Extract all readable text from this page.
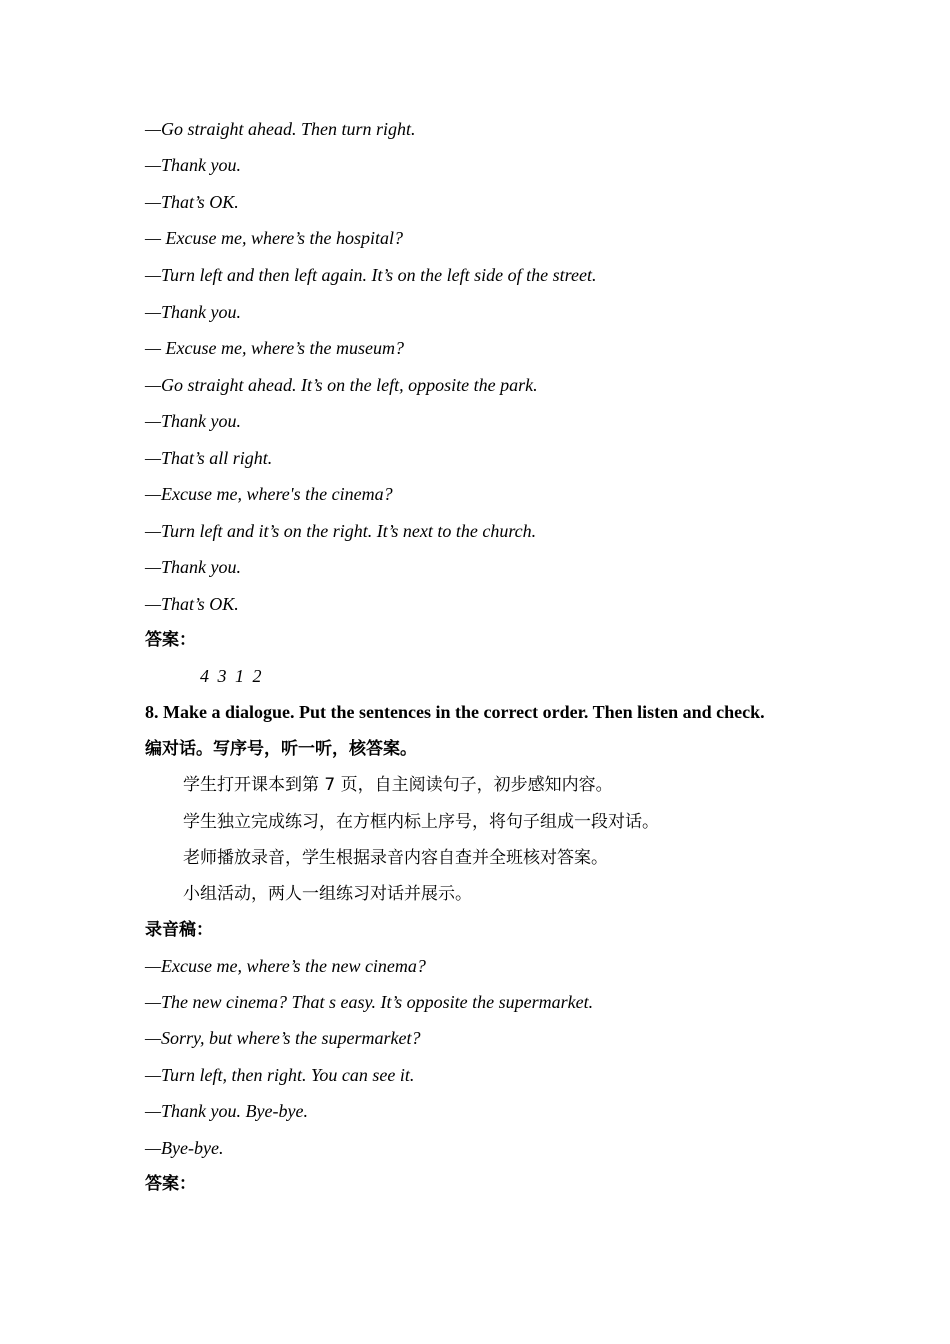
—Go straight ahead. Then turn right.
—Thank you.
—That’s OK.
— Excuse me, where’s the hospital?
—Turn left and then left again. It’s on the left side of the street.
—Thank you.
— Excuse me, where’s the museum?
—Go straight ahead. It’s on the left, opposite the park.
—Thank you.
—That’s all right.
—Excuse me, where's the cinema?
—Turn left and it’s on the right. It’s next to the church.
—Thank you.
—That’s OK.
答案：
4 3 1 2
8. Make a dialogue. Put the sentences in the correct order. Then listen and check.
编对话。写序号，听一听，核答案。
学生打开课本到第 7 页，自主阅读句子，初步感知内容。
学生独立完成练习，在方框内标上序号，将句子组成一段对话。
老师播放录音，学生根据录音内容自查并全班核对答案。
小组活动，两人一组练习对话并展示。
录音稿：
—Excuse me, where’s the new cinema?
—The new cinema? That s easy. It’s opposite the supermarket.
—Sorry, but where’s the supermarket?
—Turn left, then right. You can see it.
—Thank you. Bye-bye.
—Bye-bye.
答案：
